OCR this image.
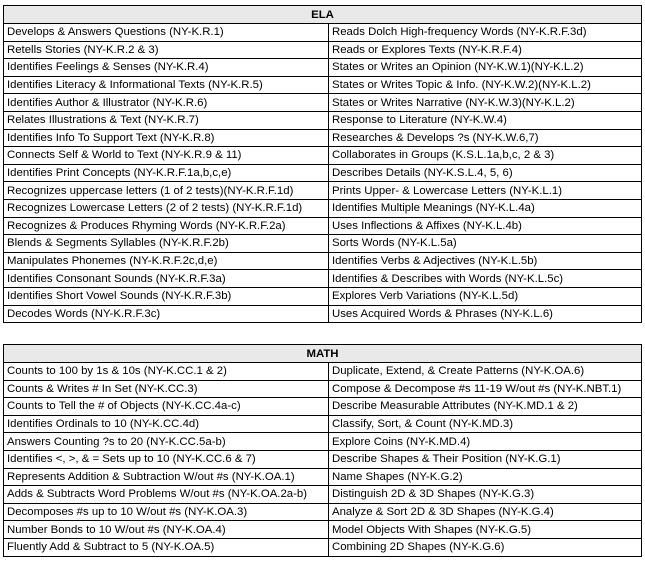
ELA	
Develops & Answers Questions (NY-K.R.1)	Reads Dolch High-frequency Words (NY-K.R.F.3d)
Retells Stories (NY-K.R.2 & 3)	Reads or Explores Texts (NY-K.R.F.4)
Identifies Feelings & Senses (NY-K.R.4)	States or Writes an Opinion (NY-K.W.1)(NY-K.L.2)
Identifies Literacy & Informational Texts (NY-K.R.5)	States or Writes Topic & Info. (NY-K.W.2)(NY-K.L.2)
Identifies Author & Illustrator (NY-K.R.6)	States or Writes Narrative (NY-K.W.3)(NY-K.L.2)
Relates Illustrations & Text (NY-K.R.7)	Response to Literature (NY-K.W.4)
Identifies Info To Support Text (NY-K.R.8)	Researches & Develops ?s (NY-K.W.6,7)
Connects Self & World to Text (NY-K.R.9 & 11)	Collaborates in Groups (K.S.L.1a,b,c, 2 & 3)
Identifies Print Concepts (NY-K.R.F.1a,b,c,e)	Describes Details (NY-K.S.L.4, 5, 6)
Recognizes uppercase letters (1 of 2 tests)(NY-K.R.F.1d)	Prints Upper- & Lowercase Letters (NY-K.L.1)
Recognizes Lowercase Letters (2 of 2 tests) (NY-K.R.F.1d)	Identifies Multiple Meanings (NY-K.L.4a)
Recognizes & Produces Rhyming Words (NY-K.R.F.2a)	Uses Inflections & Affixes (NY-K.L.4b)
Blends & Segments Syllables (NY-K.R.F.2b)	Sorts Words (NY-K.L.5a)
Manipulates Phonemes (NY-K.R.F.2c,d,e)	Identifies Verbs & Adjectives (NY-K.L.5b)
Identifies Consonant Sounds (NY-K.R.F.3a)	Identifies & Describes with Words (NY-K.L.5c)
Identifies Short Vowel Sounds (NY-K.R.F.3b)	Explores Verb Variations (NY-K.L.5d)
Decodes Words (NY-K.R.F.3c)	Uses Acquired Words & Phrases (NY-K.L.6)
MATH	
Counts to 100 by 1s & 10s (NY-K.CC.1 & 2)	Duplicate, Extend, & Create Patterns (NY-K.OA.6)
Counts & Writes # In Set (NY-K.CC.3)	Compose & Decompose #s 11-19 W/out #s (NY-K.NBT.1)
Counts to Tell the # of Objects (NY-K.CC.4a-c)	Describe Measurable Attributes (NY-K.MD.1 & 2)
Identifies Ordinals to 10 (NY-K.CC.4d)	Classify, Sort, & Count (NY-K.MD.3)
Answers Counting ?s to 20 (NY-K.CC.5a-b)	Explore Coins (NY-K.MD.4)
Identifies <, >, & = Sets up to 10 (NY-K.CC.6 & 7)	Describe Shapes & Their Position (NY-K.G.1)
Represents Addition & Subtraction W/out #s (NY-K.OA.1)	Name Shapes (NY-K.G.2)
Adds & Subtracts Word Problems W/out #s (NY-K.OA.2a-b)	Distinguish 2D & 3D Shapes (NY-K.G.3)
Decomposes #s up to 10 W/out #s (NY-K.OA.3)	Analyze & Sort 2D & 3D Shapes (NY-K.G.4)
Number Bonds to 10 W/out #s (NY-K.OA.4)	Model Objects With Shapes (NY-K.G.5)
Fluently Add & Subtract to 5 (NY-K.OA.5)	Combining 2D Shapes (NY-K.G.6)
